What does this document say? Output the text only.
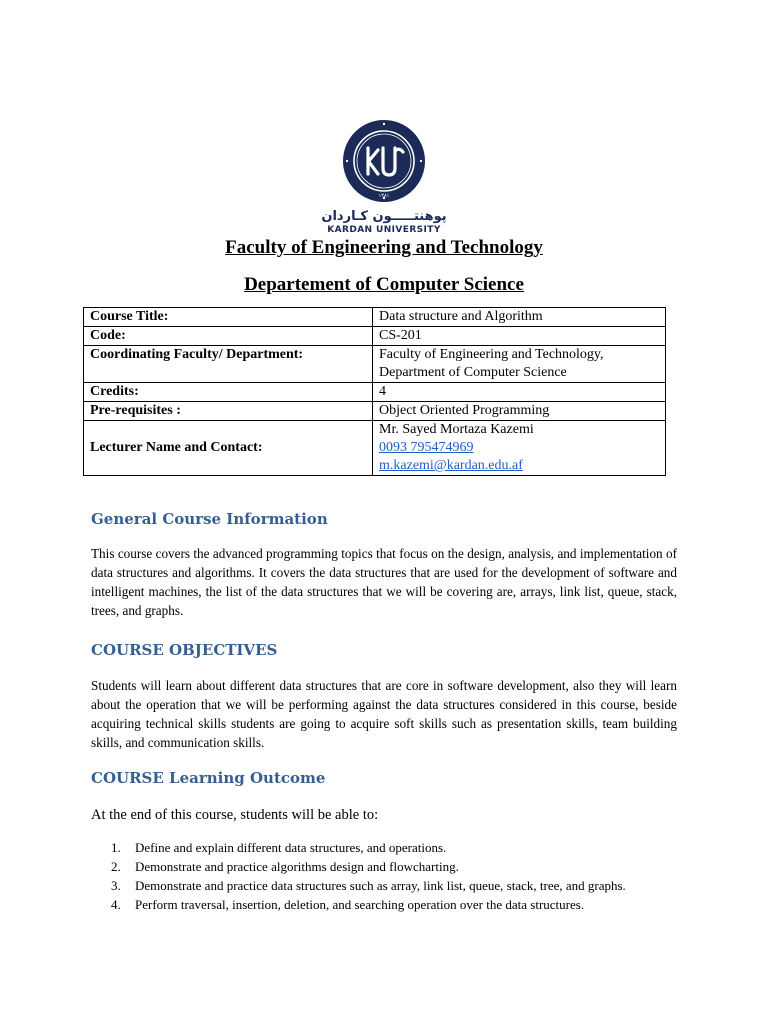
۱۳۸۱
پوهنتـــــون کـاردان
KARDAN UNIVERSITY
Faculty of Engineering and Technology
Departement of Computer Science
Course Title:	Data structure and Algorithm
Code:	CS-201
Coordinating Faculty/ Department:	Faculty of Engineering and Technology,
Department of Computer Science

Credits:	4
Pre-requisites :	Object Oriented Programming
Lecturer Name and Contact:	Mr. Sayed Mortaza Kazemi
0093 795474969
m.kazemi@kardan.edu.af
General Course Information
This course covers the advanced programming topics that focus on the design, analysis, and implementation of data structures and algorithms. It covers the data structures that are used for the development of software and intelligent machines, the list of the data structures that we will be covering are, arrays, link list, queue, stack, trees, and graphs.
COURSE OBJECTIVES
Students will learn about different data structures that are core in software development, also they will learn about the operation that we will be performing against the data structures considered in this course, beside acquiring technical skills students are going to acquire soft skills such as presentation skills, team building skills, and communication skills.
COURSE Learning Outcome
At the end of this course, students will be able to:
1.	Define and explain different data structures, and operations.
2.	Demonstrate and practice algorithms design and flowcharting.
3.	Demonstrate and practice data structures such as array, link list, queue, stack, tree, and graphs.
4.	Perform traversal, insertion, deletion, and searching operation over the data structures.
